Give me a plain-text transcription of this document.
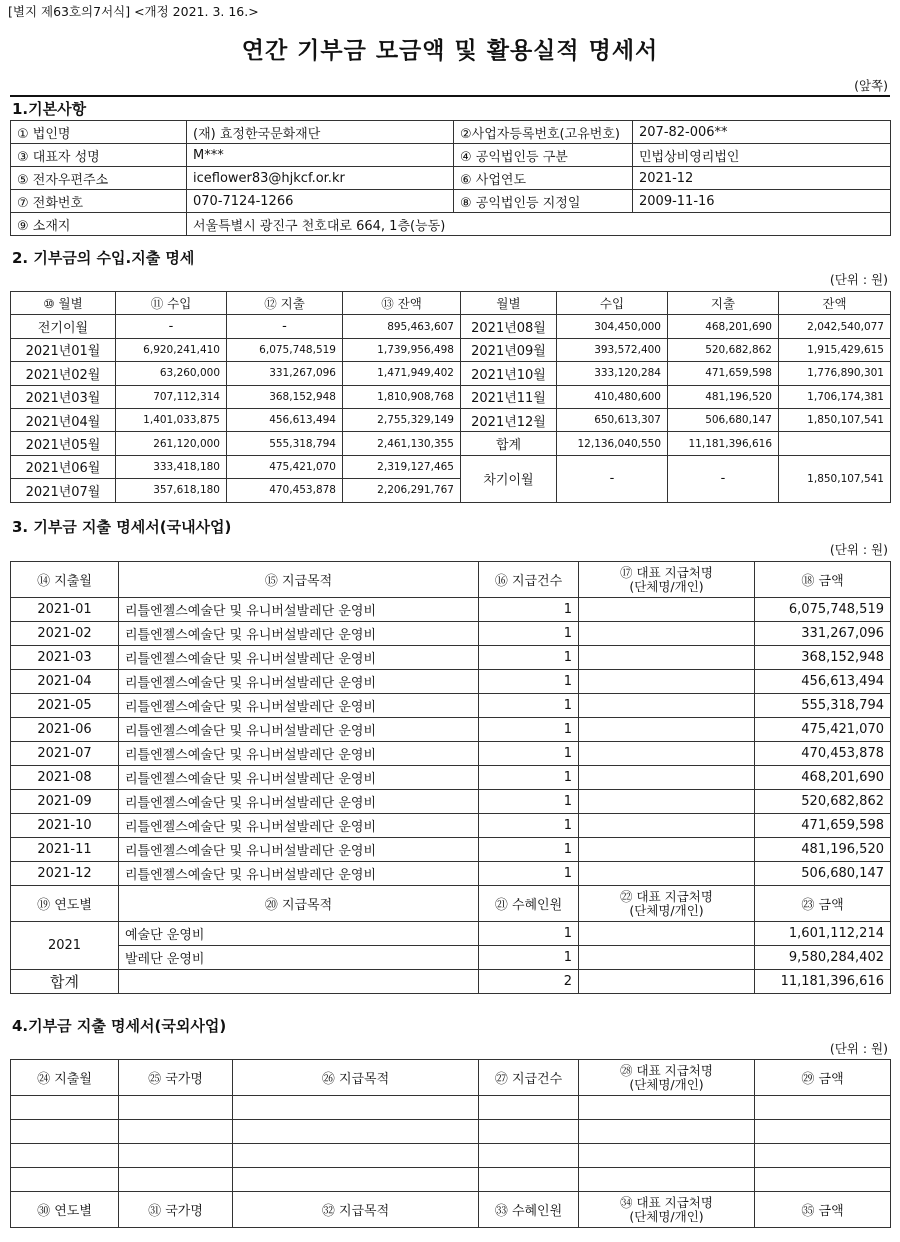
[별지 제63호의7서식] <개정 2021. 3. 16.>
연간 기부금 모금액 및 활용실적 명세서
(앞쪽)
1.기본사항
① 법인명	(재) 효정한국문화재단	②사업자등록번호(고유번호)	207-82-006**
③ 대표자 성명	M***	④ 공익법인등 구분	민법상비영리법인
⑤ 전자우편주소	iceflower83@hjkcf.or.kr	⑥ 사업연도	2021-12
⑦ 전화번호	070-7124-1266	⑧ 공익법인등 지정일	2009-11-16
⑨ 소재지	서울특별시 광진구 천호대로 664, 1층(능동)		
2. 기부금의 수입.지출 명세
(단위 : 원)
⑩ 월별	⑪ 수입	⑫ 지출	⑬ 잔액	월별	수입	지출	잔액
전기이월	-	-	895,463,607	2021년08월	304,450,000	468,201,690	2,042,540,077
2021년01월	6,920,241,410	6,075,748,519	1,739,956,498	2021년09월	393,572,400	520,682,862	1,915,429,615
2021년02월	63,260,000	331,267,096	1,471,949,402	2021년10월	333,120,284	471,659,598	1,776,890,301
2021년03월	707,112,314	368,152,948	1,810,908,768	2021년11월	410,480,600	481,196,520	1,706,174,381
2021년04월	1,401,033,875	456,613,494	2,755,329,149	2021년12월	650,613,307	506,680,147	1,850,107,541
2021년05월	261,120,000	555,318,794	2,461,130,355	합계	12,136,040,550	11,181,396,616	
2021년06월	333,418,180	475,421,070	2,319,127,465	차기이월	-	-	1,850,107,541
2021년07월	357,618,180	470,453,878	2,206,291,767				
3. 기부금 지출 명세서(국내사업)
(단위 : 원)
⑭ 지출월	⑮ 지급목적	⑯ 지급건수	⑰ 대표 지급처명
(단체명/개인)	⑱ 금액
2021-01	리틀엔젤스예술단 및 유니버설발레단 운영비	1		6,075,748,519
2021-02	리틀엔젤스예술단 및 유니버설발레단 운영비	1		331,267,096
2021-03	리틀엔젤스예술단 및 유니버설발레단 운영비	1		368,152,948
2021-04	리틀엔젤스예술단 및 유니버설발레단 운영비	1		456,613,494
2021-05	리틀엔젤스예술단 및 유니버설발레단 운영비	1		555,318,794
2021-06	리틀엔젤스예술단 및 유니버설발레단 운영비	1		475,421,070
2021-07	리틀엔젤스예술단 및 유니버설발레단 운영비	1		470,453,878
2021-08	리틀엔젤스예술단 및 유니버설발레단 운영비	1		468,201,690
2021-09	리틀엔젤스예술단 및 유니버설발레단 운영비	1		520,682,862
2021-10	리틀엔젤스예술단 및 유니버설발레단 운영비	1		471,659,598
2021-11	리틀엔젤스예술단 및 유니버설발레단 운영비	1		481,196,520
2021-12	리틀엔젤스예술단 및 유니버설발레단 운영비	1		506,680,147
⑲ 연도별	⑳ 지급목적	㉑ 수혜인원	㉒ 대표 지급처명
(단체명/개인)	㉓ 금액
2021	예술단 운영비	1		1,601,112,214
	발레단 운영비	1		9,580,284,402
합계		2		11,181,396,616
4.기부금 지출 명세서(국외사업)
(단위 : 원)
㉔ 지출월	㉕ 국가명	㉖ 지급목적	㉗ 지급건수	㉘ 대표 지급처명
(단체명/개인)	㉙ 금액

㉚ 연도별	㉛ 국가명	㉜ 지급목적	㉝ 수혜인원	㉞ 대표 지급처명
(단체명/개인)	㉟ 금액
